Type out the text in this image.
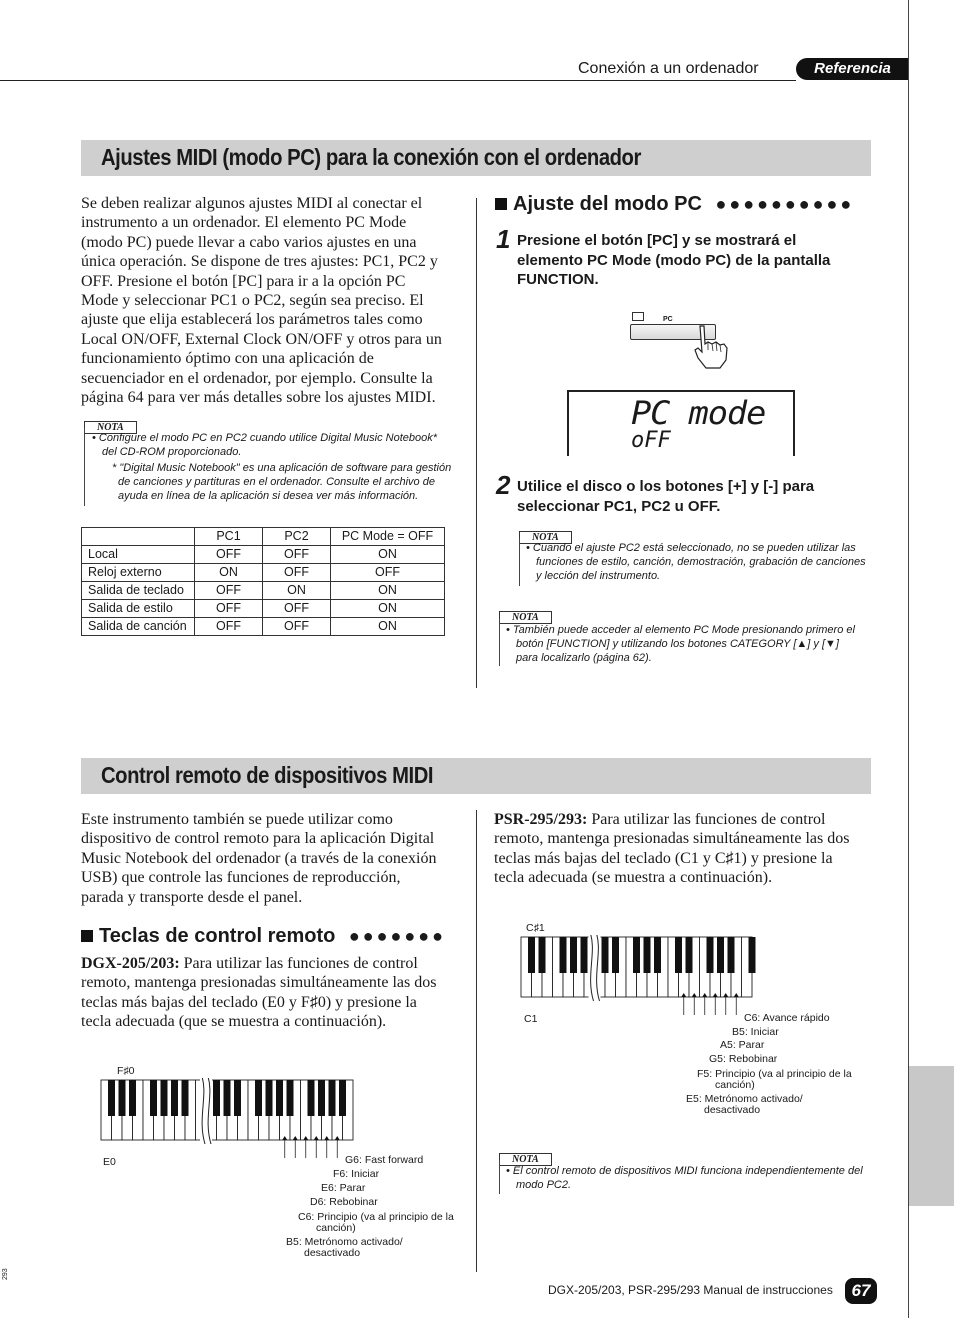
Conexión a un ordenador	Referencia
Ajustes MIDI (modo PC) para la conexión con el ordenador
Se deben realizar algunos ajustes MIDI al conectar el
instrumento a un ordenador. El elemento PC Mode
(modo PC) puede llevar a cabo varios ajustes en una
única operación. Se dispone de tres ajustes: PC1, PC2 y
OFF. Presione el botón [PC] para ir a la opción PC
Mode y seleccionar PC1 o PC2, según sea preciso. El
ajuste que elija establecerá los parámetros tales como
Local ON/OFF, External Clock ON/OFF y otros para un
funcionamiento óptimo con una aplicación de
secuenciador en el ordenador, por ejemplo. Consulte la
página 64 para ver más detalles sobre los ajustes MIDI.
NOTA
• Configure el modo PC en PC2 cuando utilice Digital Music Notebook*
del CD-ROM proporcionado.
* "Digital Music Notebook" es una aplicación de software para gestión
de canciones y partituras en el ordenador. Consulte el archivo de
ayuda en línea de la aplicación si desea ver más información.
	PC1	PC2	PC Mode = OFF
Local	OFF	OFF	ON
Reloj externo	ON	OFF	OFF
Salida de teclado	OFF	ON	ON
Salida de estilo	OFF	OFF	ON
Salida de canción	OFF	OFF	ON
Ajuste del modo PC ●●●●●●●●●●
1 Presione el botón [PC] y se mostrará el
elemento PC Mode (modo PC) de la pantalla
FUNCTION.
PC
PC mode
oFF
2 Utilice el disco o los botones [+] y [-] para
seleccionar PC1, PC2 u OFF.
NOTA
• Cuando el ajuste PC2 está seleccionado, no se pueden utilizar las
funciones de estilo, canción, demostración, grabación de canciones
y lección del instrumento.
NOTA
• También puede acceder al elemento PC Mode presionando primero el
botón [FUNCTION] y utilizando los botones CATEGORY [▲] y [▼]
para localizarlo (página 62).
Control remoto de dispositivos MIDI
Este instrumento también se puede utilizar como
dispositivo de control remoto para la aplicación Digital
Music Notebook del ordenador (a través de la conexión
USB) que controle las funciones de reproducción,
parada y transporte desde el panel.
Teclas de control remoto ●●●●●●●
DGX-205/203: Para utilizar las funciones de control
remoto, mantenga presionadas simultáneamente las dos
teclas más bajas del teclado (E0 y F♯0) y presione la
tecla adecuada (que se muestra a continuación).
PSR-295/293: Para utilizar las funciones de control
remoto, mantenga presionadas simultáneamente las dos
teclas más bajas del teclado (C1 y C♯1) y presione la
tecla adecuada (se muestra a continuación).
F♯0
E0	G6: Fast forward
F6: Iniciar
E6: Parar
D6: Rebobinar
C6: Principio (va al principio de la
canción)
B5: Metrónomo activado/
desactivado
C♯1
C1	C6: Avance rápido
B5: Iniciar
A5: Parar
G5: Rebobinar
F5: Principio (va al principio de la
canción)
E5: Metrónomo activado/
desactivado
NOTA
• El control remoto de dispositivos MIDI funciona independientemente del
modo PC2.
293
DGX-205/203, PSR-295/293 Manual de instrucciones	67
